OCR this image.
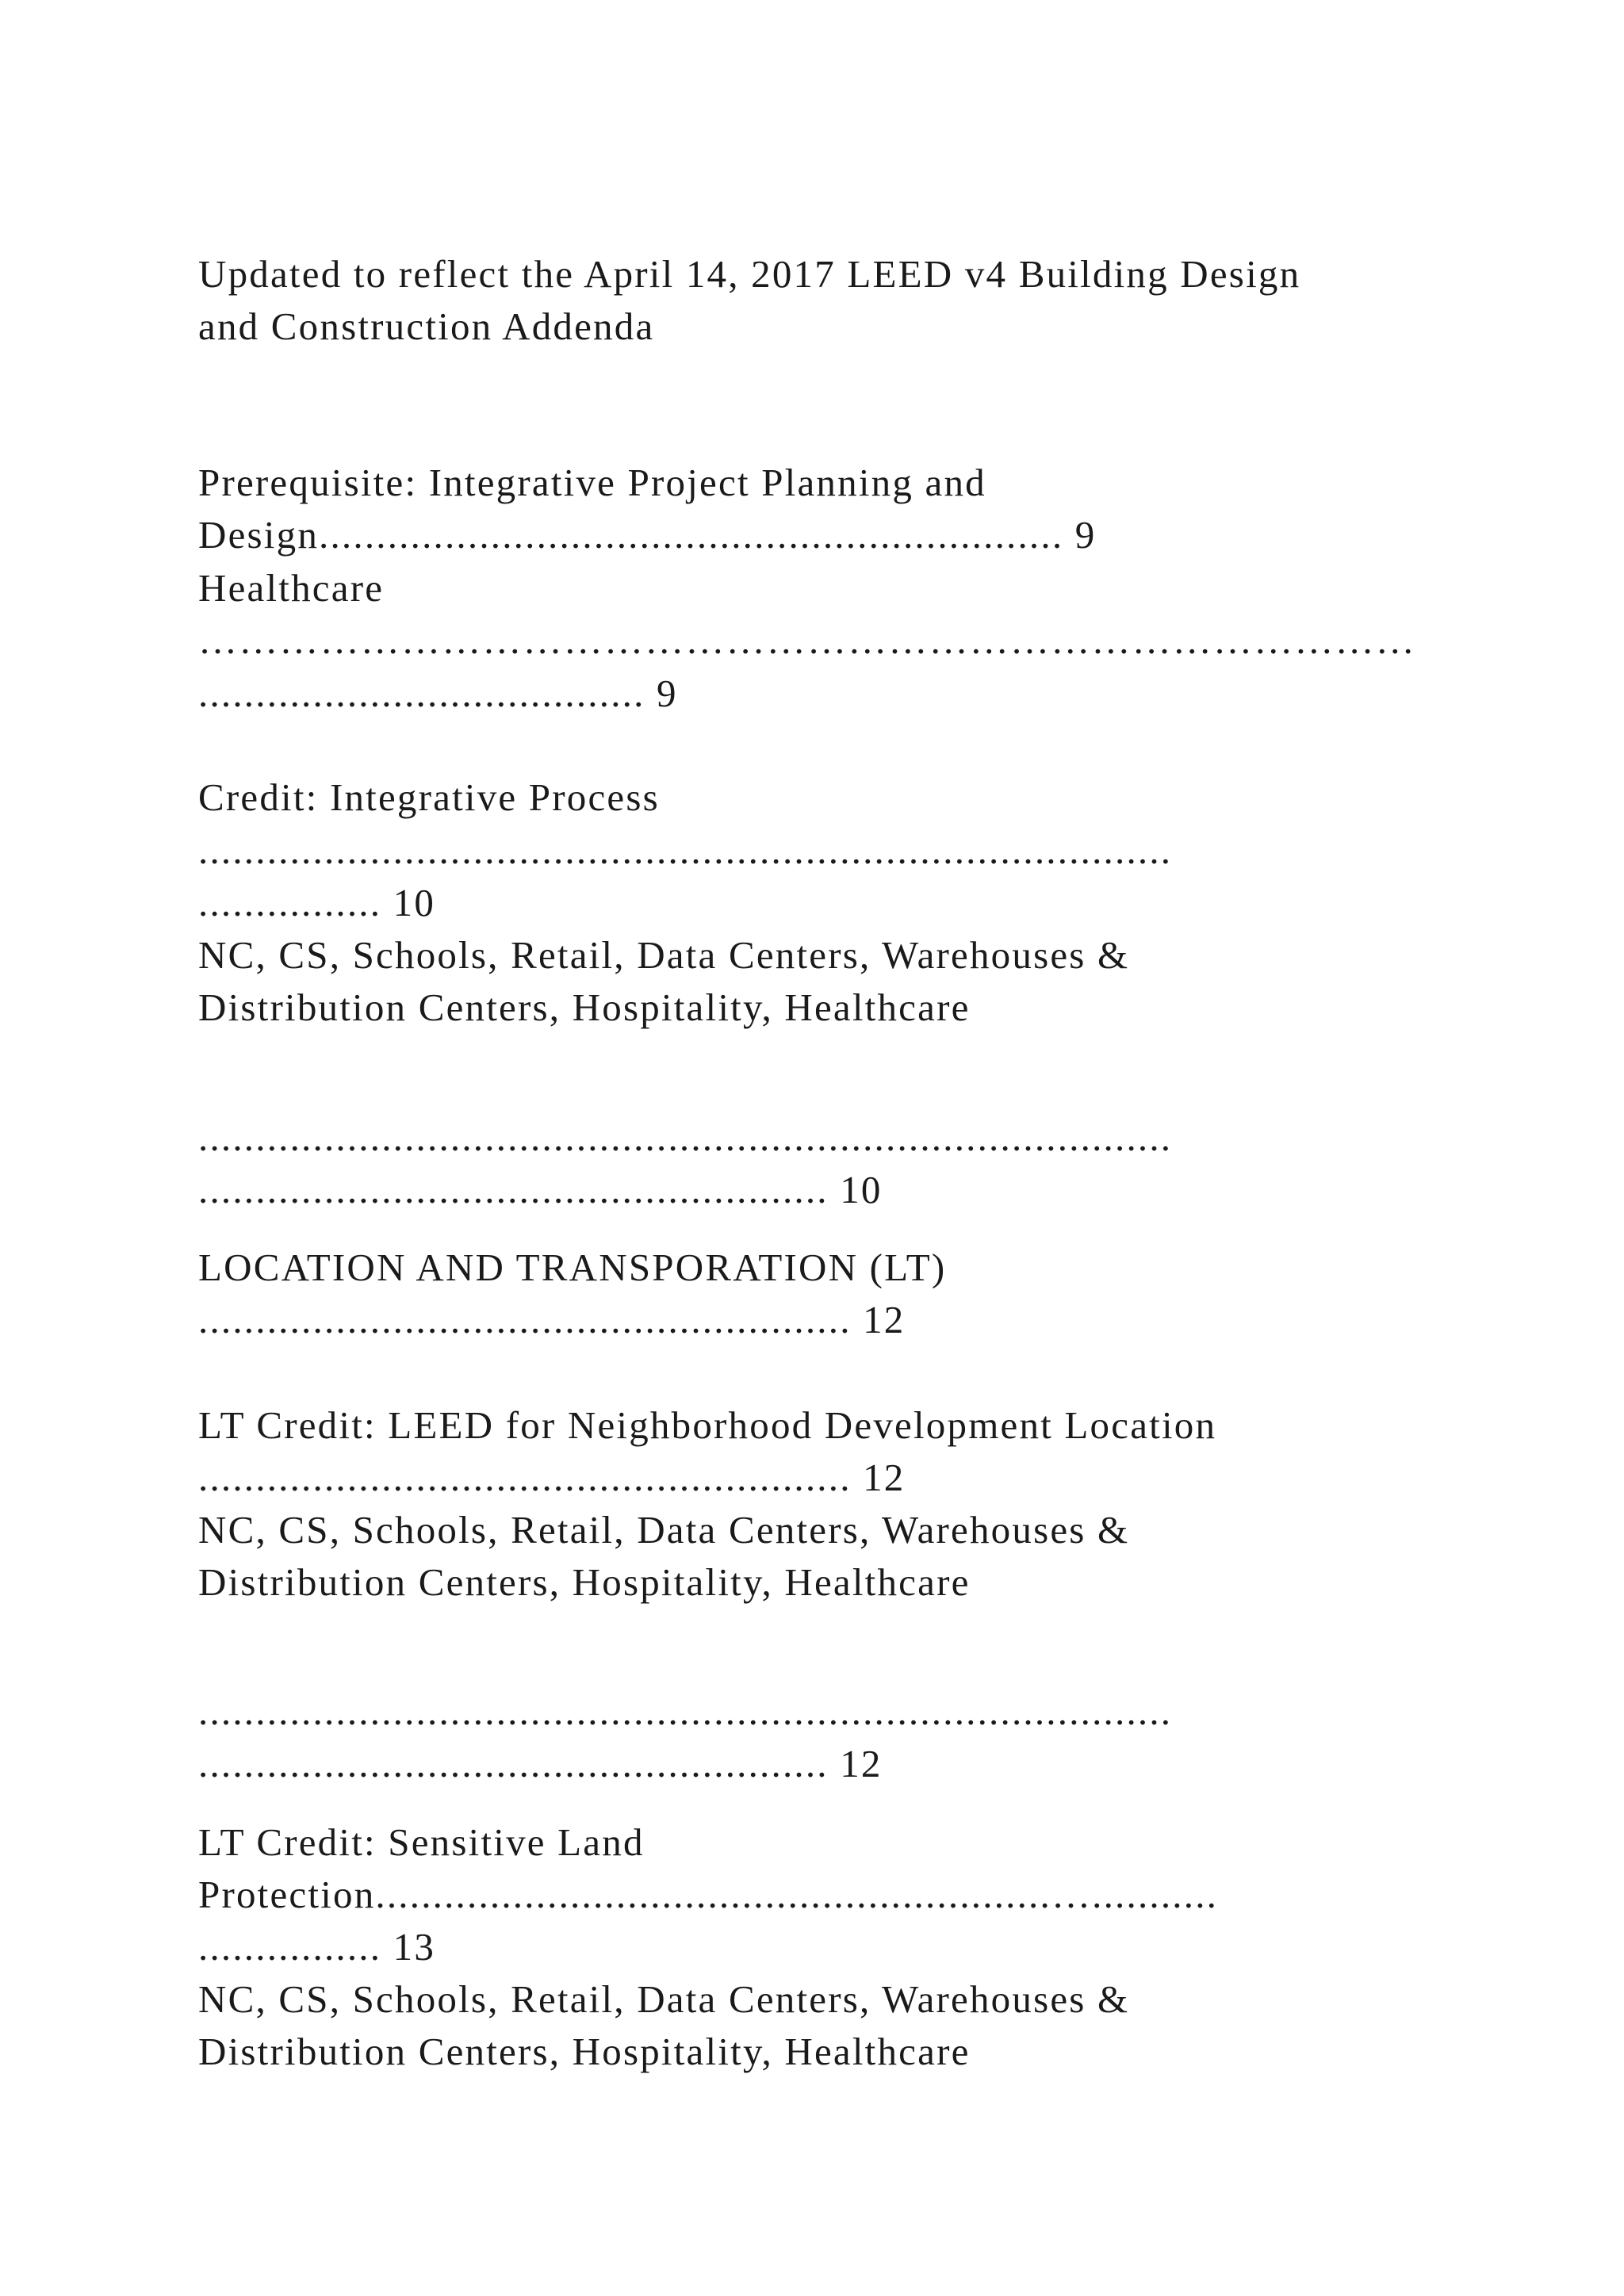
Updated to reflect the April 14, 2017 LEED v4 Building Design

and Construction Addenda

Prerequisite: Integrative Project Planning and

Design................................................................. 9

Healthcare

………………………………………………………………………………

....................................... 9

Credit: Integrative Process

.....................................................................................

................ 10

NC, CS, Schools, Retail, Data Centers, Warehouses &

Distribution Centers, Hospitality, Healthcare

.....................................................................................

....................................................... 10

LOCATION AND TRANSPORATION (LT)

......................................................... 12

LT Credit: LEED for Neighborhood Development Location

......................................................... 12

NC, CS, Schools, Retail, Data Centers, Warehouses &

Distribution Centers, Hospitality, Healthcare

.....................................................................................

....................................................... 12

LT Credit: Sensitive Land

Protection...........................................................…...........

................ 13

NC, CS, Schools, Retail, Data Centers, Warehouses &

Distribution Centers, Hospitality, Healthcare
